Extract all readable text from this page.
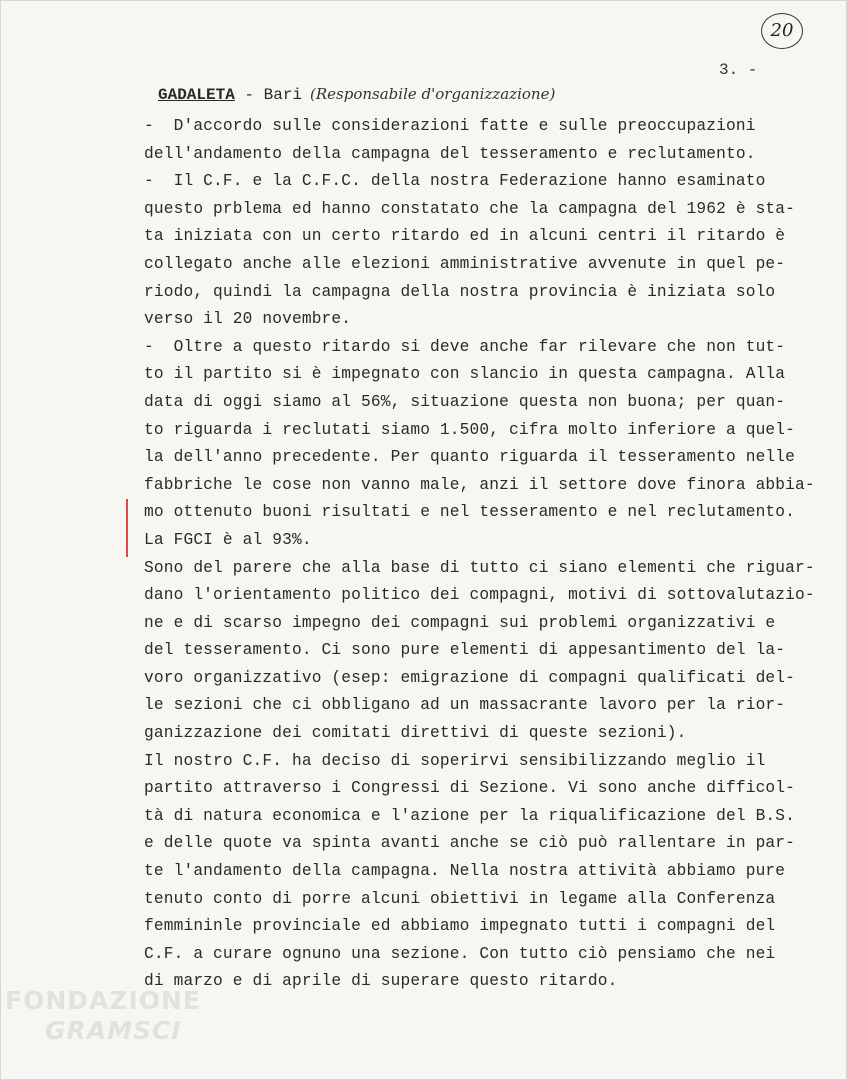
20
3. -
GADALETA - Bari (Responsabile d'organizzazione)
-  D'accordo sulle considerazioni fatte e sulle preoccupazioni
dell'andamento della campagna del tesseramento e reclutamento.
-  Il C.F. e la C.F.C. della nostra Federazione hanno esaminato
questo prblema ed hanno constatato che la campagna del 1962 è sta-
ta iniziata con un certo ritardo ed in alcuni centri il ritardo è
collegato anche alle elezioni amministrative avvenute in quel pe-
riodo, quindi la campagna della nostra provincia è iniziata solo
verso il 20 novembre.
-  Oltre a questo ritardo si deve anche far rilevare che non tut-
to il partito si è impegnato con slancio in questa campagna. Alla
data di oggi siamo al 56%, situazione questa non buona; per quan-
to riguarda i reclutati siamo 1.500, cifra molto inferiore a quel-
la dell'anno precedente. Per quanto riguarda il tesseramento nelle
fabbriche le cose non vanno male, anzi il settore dove finora abbia-
mo ottenuto buoni risultati e nel tesseramento e nel reclutamento.
La FGCI è al 93%.
Sono del parere che alla base di tutto ci siano elementi che riguar-
dano l'orientamento politico dei compagni, motivi di sottovalutazio-
ne e di scarso impegno dei compagni sui problemi organizzativi e
del tesseramento. Ci sono pure elementi di appesantimento del la-
voro organizzativo (esep: emigrazione di compagni qualificati del-
le sezioni che ci obbligano ad un massacrante lavoro per la rior-
ganizzazione dei comitati direttivi di queste sezioni).
Il nostro C.F. ha deciso di soperirvi sensibilizzando meglio il
partito attraverso i Congressi di Sezione. Vi sono anche difficol-
tà di natura economica e l'azione per la riqualificazione del B.S.
e delle quote va spinta avanti anche se ciò può rallentare in par-
te l'andamento della campagna. Nella nostra attività abbiamo pure
tenuto conto di porre alcuni obiettivi in legame alla Conferenza
femmininle provinciale ed abbiamo impegnato tutti i compagni del
C.F. a curare ognuno una sezione. Con tutto ciò pensiamo che nei
di marzo e di aprile di superare questo ritardo.
FONDAZIONE
GRAMSCI
